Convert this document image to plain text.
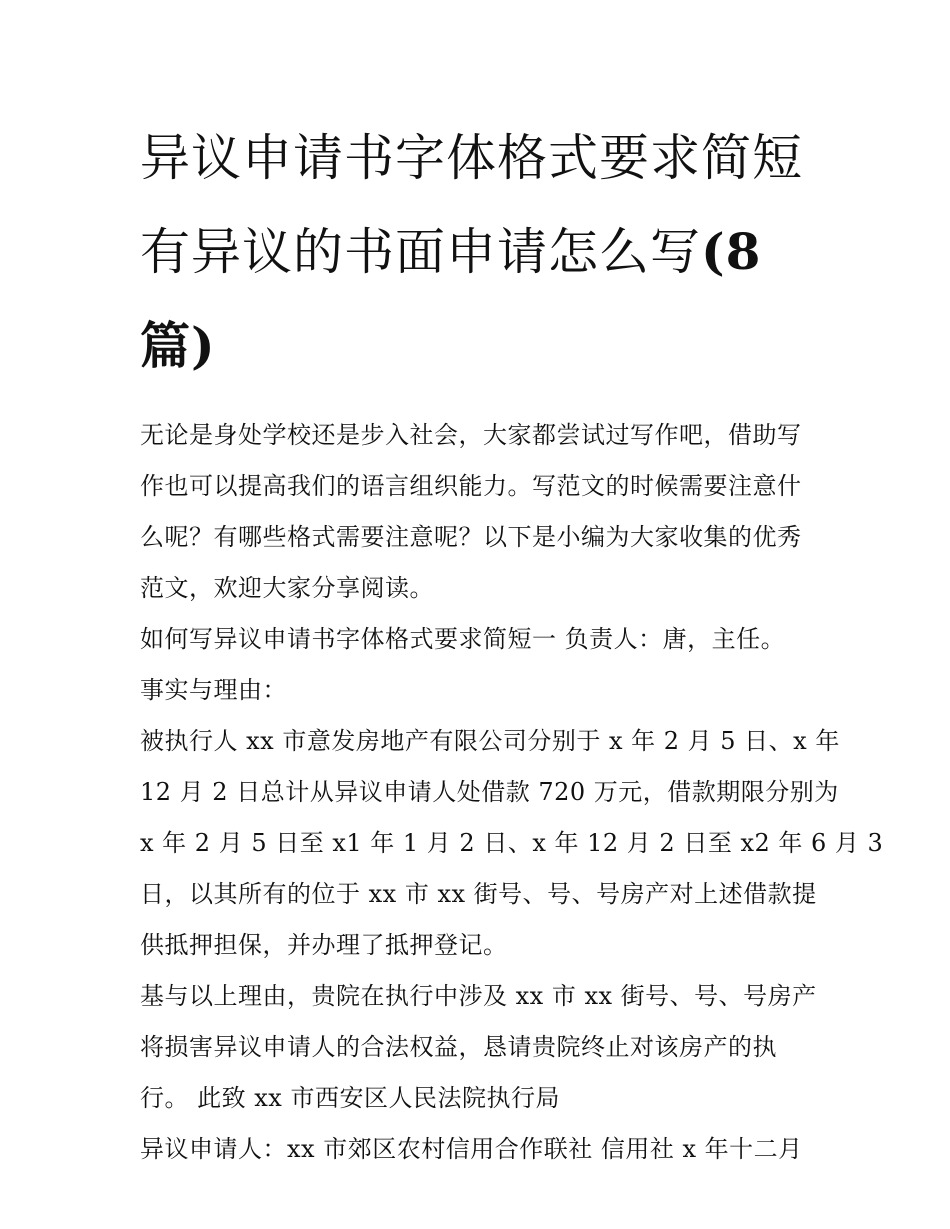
异议申请书字体格式要求简短
有异议的书面申请怎么写(8
篇)

无论是身处学校还是步入社会，大家都尝试过写作吧，借助写
作也可以提高我们的语言组织能力。写范文的时候需要注意什
么呢？有哪些格式需要注意呢？以下是小编为大家收集的优秀
范文，欢迎大家分享阅读。

如何写异议申请书字体格式要求简短一 负责人：唐，主任。

事实与理由：

被执行人 xx 市意发房地产有限公司分别于 x 年 2 月 5 日、x 年
12 月 2 日总计从异议申请人处借款 720 万元，借款期限分别为
x 年 2 月 5 日至 x1 年 1 月 2 日、x 年 12 月 2 日至 x2 年 6 月 3
日，以其所有的位于 xx 市 xx 街号、号、号房产对上述借款提
供抵押担保，并办理了抵押登记。

基与以上理由，贵院在执行中涉及 xx 市 xx 街号、号、号房产
将损害异议申请人的合法权益，恳请贵院终止对该房产的执
行。 此致 xx 市西安区人民法院执行局

异议申请人：xx 市郊区农村信用合作联社 信用社 x 年十二月
